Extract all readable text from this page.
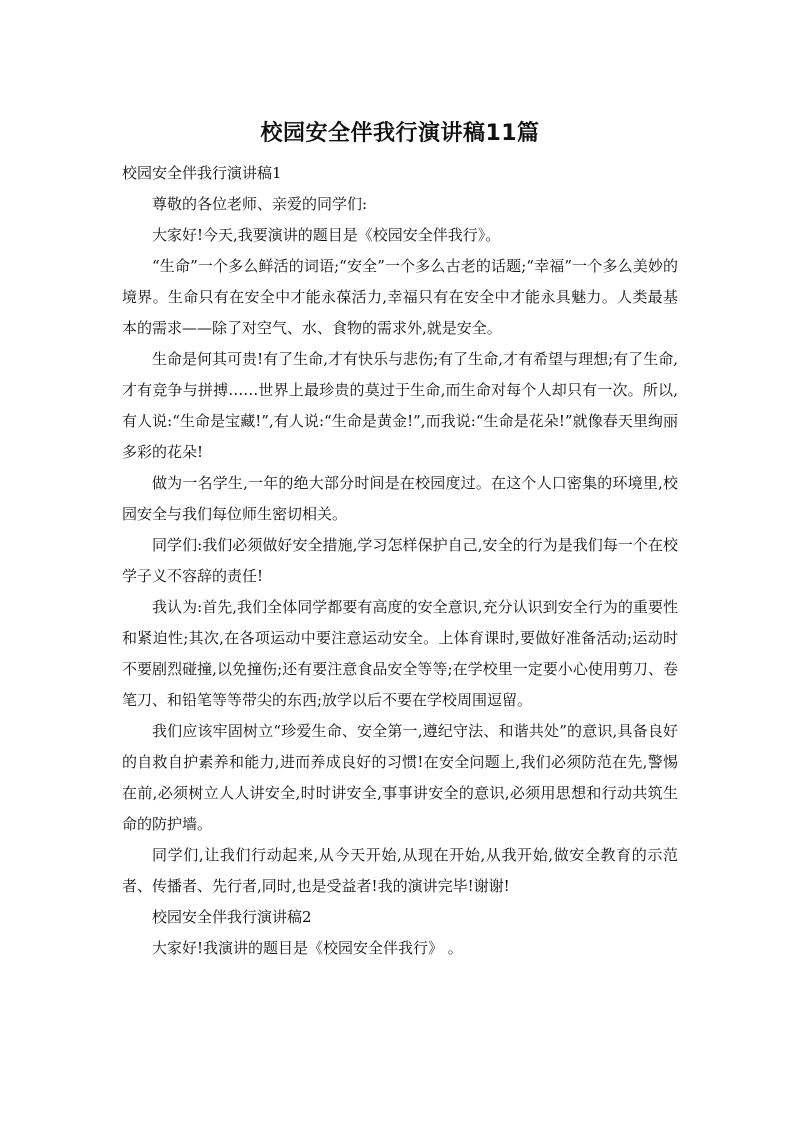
校园安全伴我行演讲稿11篇

校园安全伴我行演讲稿1

尊敬的各位老师、亲爱的同学们:

大家好!今天,我要演讲的题目是《校园安全伴我行》。

“生命”一个多么鲜活的词语;“安全”一个多么古老的话题;“幸福”一个多么美妙的境界。生命只有在安全中才能永葆活力,幸福只有在安全中才能永具魅力。人类最基本的需求——除了对空气、水、食物的需求外,就是安全。

生命是何其可贵!有了生命,才有快乐与悲伤;有了生命,才有希望与理想;有了生命,才有竞争与拼搏……世界上最珍贵的莫过于生命,而生命对每个人却只有一次。所以,有人说:“生命是宝藏!”,有人说:“生命是黄金!”,而我说:“生命是花朵!”就像春天里绚丽多彩的花朵!

做为一名学生,一年的绝大部分时间是在校园度过。在这个人口密集的环境里,校园安全与我们每位师生密切相关。

同学们:我们必须做好安全措施,学习怎样保护自己,安全的行为是我们每一个在校学子义不容辞的责任!

我认为:首先,我们全体同学都要有高度的安全意识,充分认识到安全行为的重要性和紧迫性;其次,在各项运动中要注意运动安全。上体育课时,要做好准备活动;运动时不要剧烈碰撞,以免撞伤;还有要注意食品安全等等;在学校里一定要小心使用剪刀、卷笔刀、和铅笔等等带尖的东西;放学以后不要在学校周围逗留。

我们应该牢固树立“珍爱生命、安全第一,遵纪守法、和谐共处”的意识,具备良好的自救自护素养和能力,进而养成良好的习惯!在安全问题上,我们必须防范在先,警惕在前,必须树立人人讲安全,时时讲安全,事事讲安全的意识,必须用思想和行动共筑生命的防护墙。

同学们,让我们行动起来,从今天开始,从现在开始,从我开始,做安全教育的示范者、传播者、先行者,同时,也是受益者!我的演讲完毕!谢谢!

校园安全伴我行演讲稿2

大家好!我演讲的题目是《校园安全伴我行》 。
